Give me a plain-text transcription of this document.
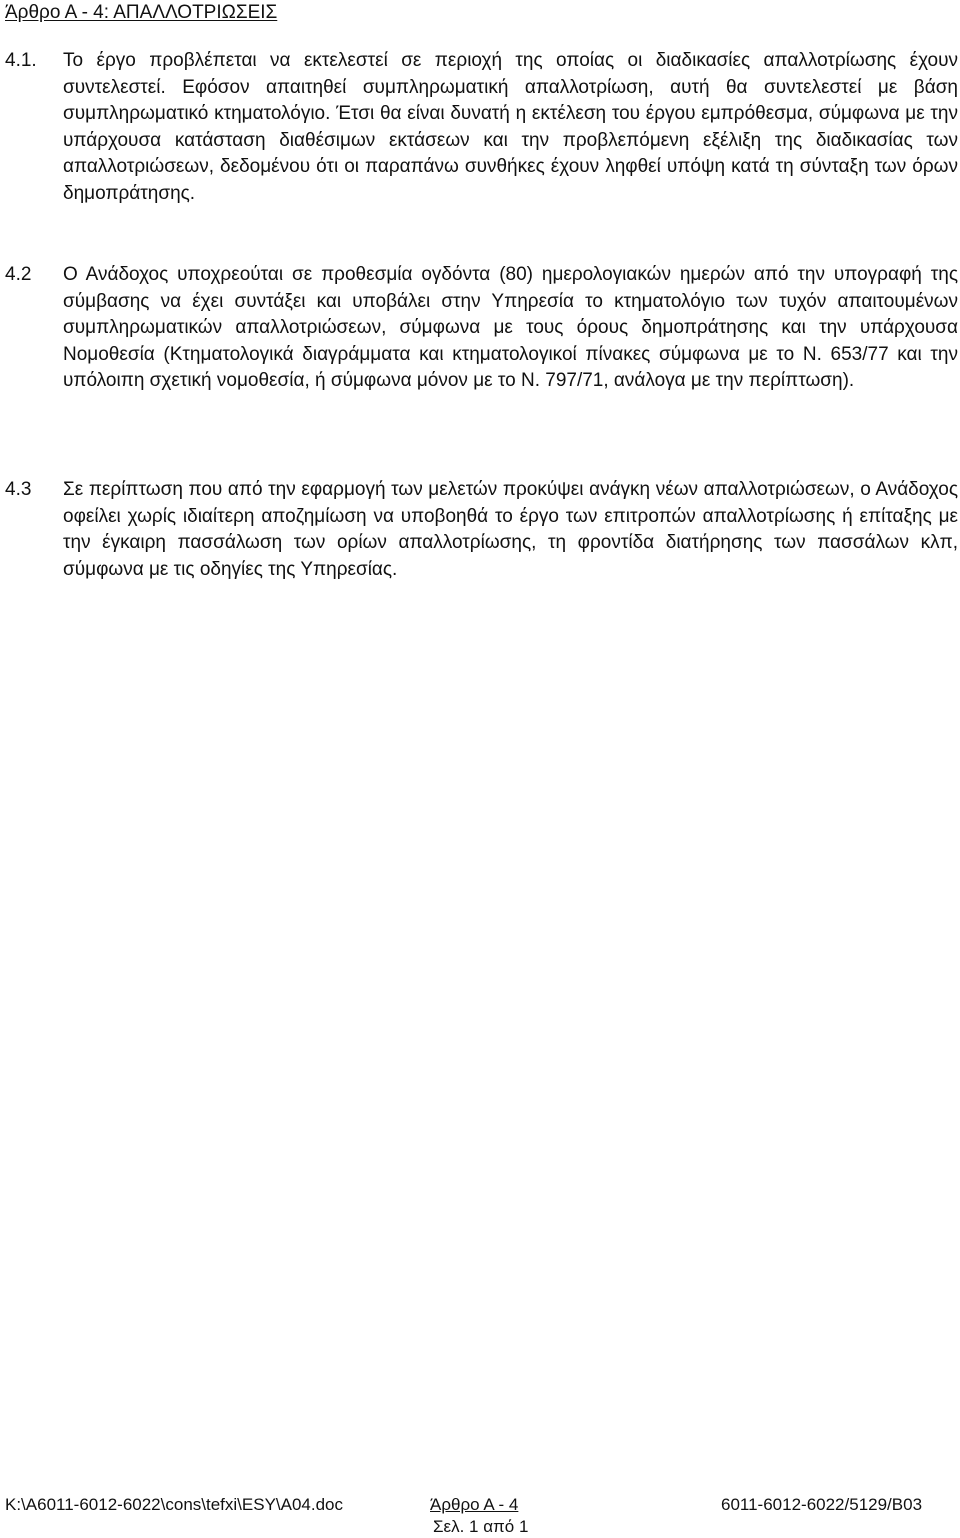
Άρθρο Α - 4: ΑΠΑΛΛΟΤΡΙΩΣΕΙΣ
4.1. Το έργο προβλέπεται να εκτελεστεί σε περιοχή της οποίας οι διαδικασίες απαλλοτρίωσης έχουν συντελεστεί. Εφόσον απαιτηθεί συμπληρωματική απαλλοτρίωση, αυτή θα συντελεστεί με βάση συμπληρωματικό κτηματολόγιο. Έτσι θα είναι δυνατή η εκτέλεση του έργου εμπρόθεσμα, σύμφωνα με την υπάρχουσα κατάσταση διαθέσιμων εκτάσεων και την προβλεπόμενη εξέλιξη της διαδικασίας των απαλλοτριώσεων, δεδομένου ότι οι παραπάνω συνθήκες έχουν ληφθεί υπόψη κατά τη σύνταξη των όρων δημοπράτησης.
4.2 Ο Ανάδοχος υποχρεούται σε προθεσμία ογδόντα (80) ημερολογιακών ημερών από την υπογραφή της σύμβασης να έχει συντάξει και υποβάλει στην Υπηρεσία το κτηματολόγιο των τυχόν απαιτουμένων συμπληρωματικών απαλλοτριώσεων, σύμφωνα με τους όρους δημοπράτησης και την υπάρχουσα Νομοθεσία (Κτηματολογικά διαγράμματα και κτηματολογικοί πίνακες σύμφωνα με το Ν. 653/77 και την υπόλοιπη σχετική νομοθεσία, ή σύμφωνα μόνον με το Ν. 797/71, ανάλογα με την περίπτωση).
4.3 Σε περίπτωση που από την εφαρμογή των μελετών προκύψει ανάγκη νέων απαλλοτριώσεων, ο Ανάδοχος οφείλει χωρίς ιδιαίτερη αποζημίωση να υποβοηθά το έργο των επιτροπών απαλλοτρίωσης ή επίταξης με την έγκαιρη πασσάλωση των ορίων απαλλοτρίωσης, τη φροντίδα διατήρησης των πασσάλων κλπ, σύμφωνα με τις οδηγίες της Υπηρεσίας.
K:\A6011-6012-6022\cons\tefxi\ESY\A04.doc	Άρθρο Α - 4	6011-6012-6022/5129/B03
Σελ. 1 από 1
